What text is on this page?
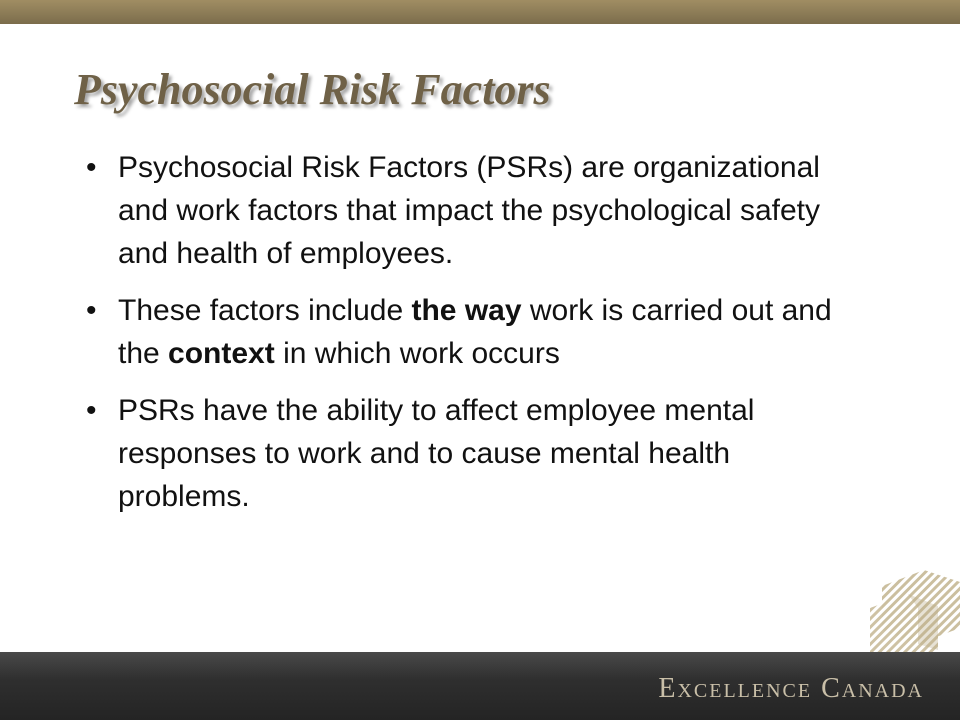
Psychosocial Risk Factors
• Psychosocial Risk Factors (PSRs) are organizational and work factors that impact the psychological safety and health of employees.
• These factors include the way work is carried out and the context in which work occurs
• PSRs have the ability to affect employee mental responses to work and to cause mental health problems.
Excellence Canada
